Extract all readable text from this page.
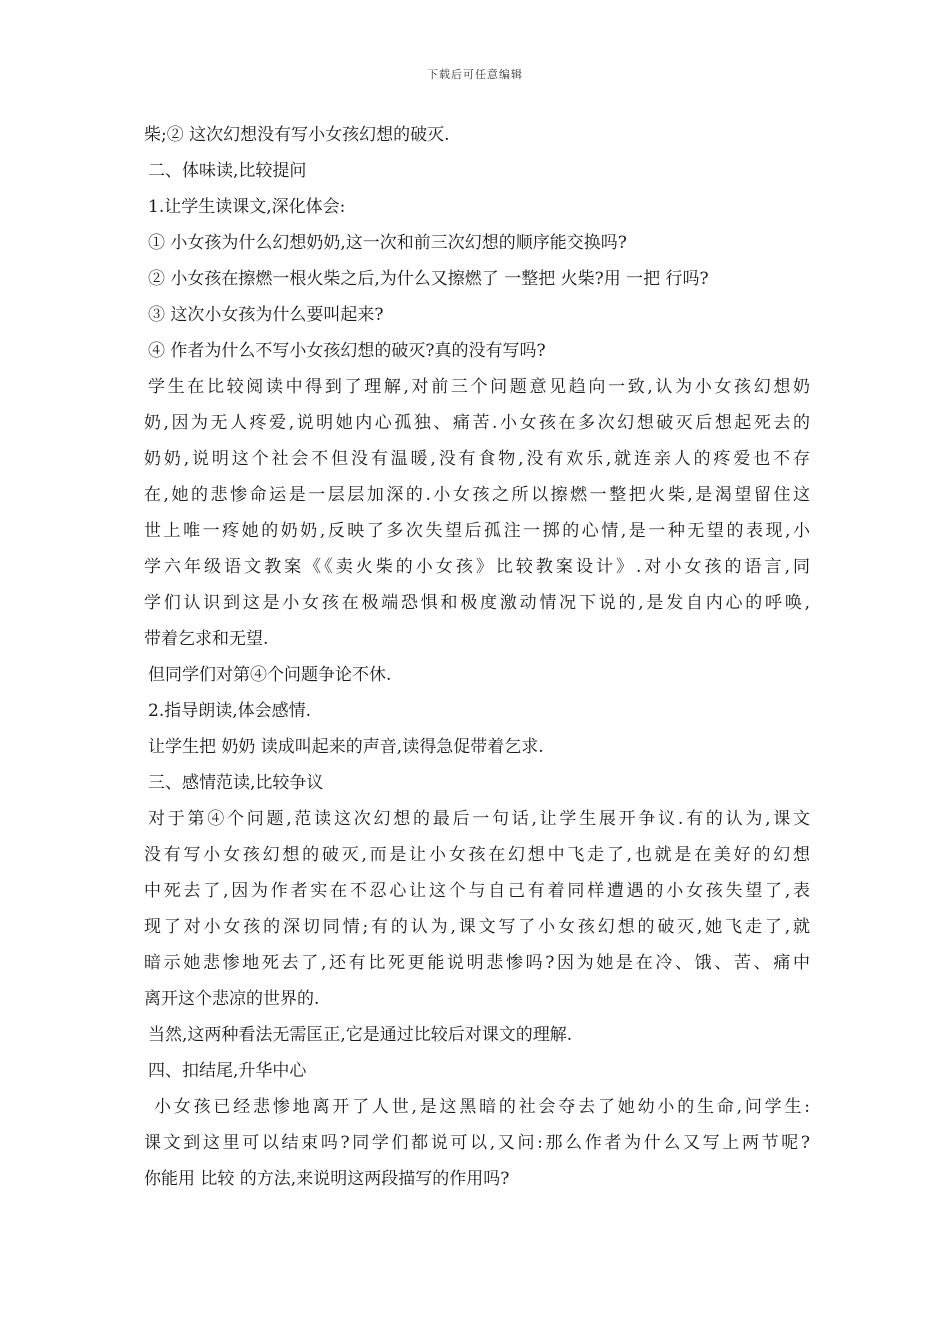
下载后可任意编辑
柴;② 这次幻想没有写小女孩幻想的破灭.
二、体味读,比较提问
1.让学生读课文,深化体会:
① 小女孩为什么幻想奶奶,这一次和前三次幻想的顺序能交换吗?
② 小女孩在擦燃一根火柴之后,为什么又擦燃了 一整把 火柴?用 一把 行吗?
③ 这次小女孩为什么要叫起来?
④ 作者为什么不写小女孩幻想的破灭?真的没有写吗?
学生在比较阅读中得到了理解,对前三个问题意见趋向一致,认为小女孩幻想奶
奶,因为无人疼爱,说明她内心孤独、痛苦.小女孩在多次幻想破灭后想起死去的
奶奶,说明这个社会不但没有温暖,没有食物,没有欢乐,就连亲人的疼爱也不存
在,她的悲惨命运是一层层加深的.小女孩之所以擦燃一整把火柴,是渴望留住这
世上唯一疼她的奶奶,反映了多次失望后孤注一掷的心情,是一种无望的表现,小
学六年级语文教案《《卖火柴的小女孩》比较教案设计》.对小女孩的语言,同
学们认识到这是小女孩在极端恐惧和极度激动情况下说的,是发自内心的呼唤,
带着乞求和无望.
但同学们对第④个问题争论不休.
2.指导朗读,体会感情.
让学生把 奶奶 读成叫起来的声音,读得急促带着乞求.
三、感情范读,比较争议
对于第④个问题,范读这次幻想的最后一句话,让学生展开争议.有的认为,课文
没有写小女孩幻想的破灭,而是让小女孩在幻想中飞走了,也就是在美好的幻想
中死去了,因为作者实在不忍心让这个与自己有着同样遭遇的小女孩失望了,表
现了对小女孩的深切同情;有的认为,课文写了小女孩幻想的破灭,她飞走了,就
暗示她悲惨地死去了,还有比死更能说明悲惨吗?因为她是在冷、饿、苦、痛中
离开这个悲凉的世界的.
当然,这两种看法无需匡正,它是通过比较后对课文的理解.
四、扣结尾,升华中心
小女孩已经悲惨地离开了人世,是这黑暗的社会夺去了她幼小的生命,问学生:
课文到这里可以结束吗?同学们都说可以,又问:那么作者为什么又写上两节呢?
你能用 比较 的方法,来说明这两段描写的作用吗?
